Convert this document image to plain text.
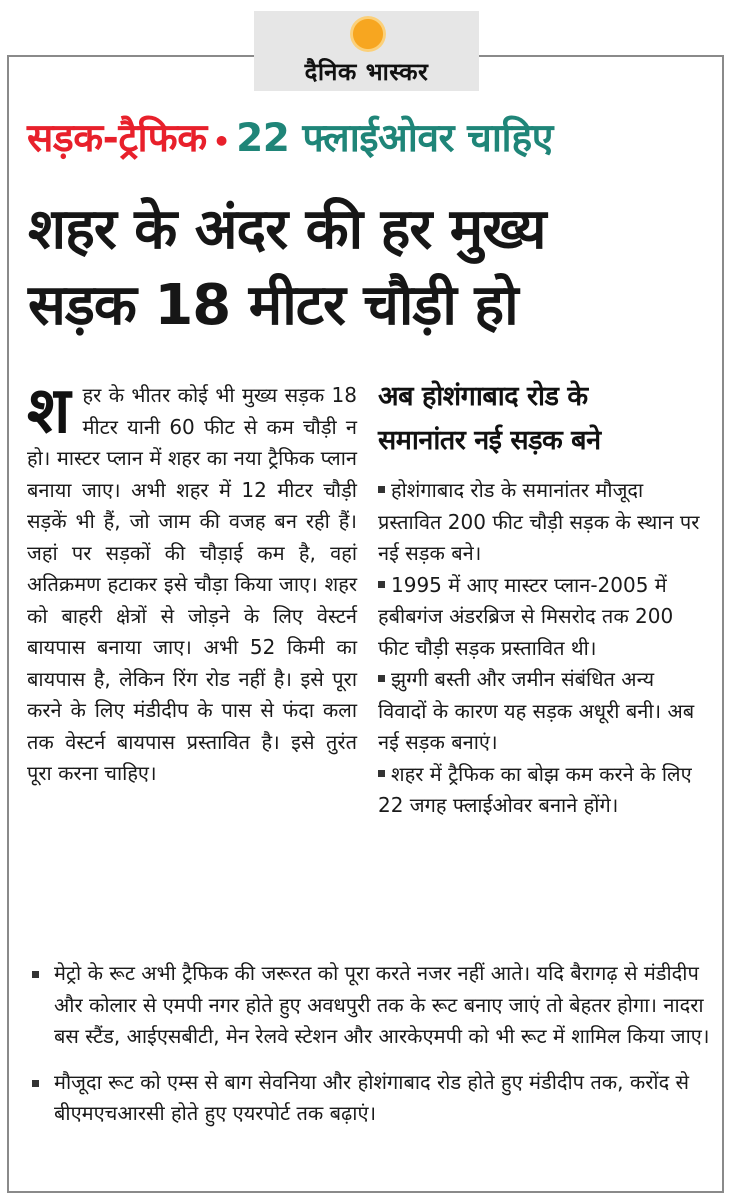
दैनिक भास्कर
सड़क-ट्रैफिक • 22 फ्लाईओवर चाहिए
शहर के अंदर की हर मुख्य
सड़क 18 मीटर चौड़ी हो
शहर के भीतर कोई भी मुख्य सड़क 18 मीटर यानी 60 फीट से कम चौड़ी न हो। मास्टर प्लान में शहर का नया ट्रैफिक प्लान बनाया जाए। अभी शहर में 12 मीटर चौड़ी सड़कें भी हैं, जो जाम की वजह बन रही हैं। जहां पर सड़कों की चौड़ाई कम है, वहां अतिक्रमण हटाकर इसे चौड़ा किया जाए। शहर को बाहरी क्षेत्रों से जोड़ने के लिए वेस्टर्न बायपास बनाया जाए। अभी 52 किमी का बायपास है, लेकिन रिंग रोड नहीं है। इसे पूरा करने के लिए मंडीदीप के पास से फंदा कला तक वेस्टर्न बायपास प्रस्तावित है। इसे तुरंत पूरा करना चाहिए।
अब होशंगाबाद रोड के
समानांतर नई सड़क बने
होशंगाबाद रोड के समानांतर मौजूदा प्रस्तावित 200 फीट चौड़ी सड़क के स्थान पर नई सड़क बने।
1995 में आए मास्टर प्लान-2005 में हबीबगंज अंडरब्रिज से मिसरोद तक 200 फीट चौड़ी सड़क प्रस्तावित थी।
झुग्गी बस्ती और जमीन संबंधित अन्य विवादों के कारण यह सड़क अधूरी बनी। अब नई सड़क बनाएं।
शहर में ट्रैफिक का बोझ कम करने के लिए 22 जगह फ्लाईओवर बनाने होंगे।
मेट्रो के रूट अभी ट्रैफिक की जरूरत को पूरा करते नजर नहीं आते। यदि बैरागढ़ से मंडीदीप और कोलार से एमपी नगर होते हुए अवधपुरी तक के रूट बनाए जाएं तो बेहतर होगा। नादरा बस स्टैंड, आईएसबीटी, मेन रेलवे स्टेशन और आरकेएमपी को भी रूट में शामिल किया जाए।
मौजूदा रूट को एम्स से बाग सेवनिया और होशंगाबाद रोड होते हुए मंडीदीप तक, करोंद से बीएमएचआरसी होते हुए एयरपोर्ट तक बढ़ाएं।
